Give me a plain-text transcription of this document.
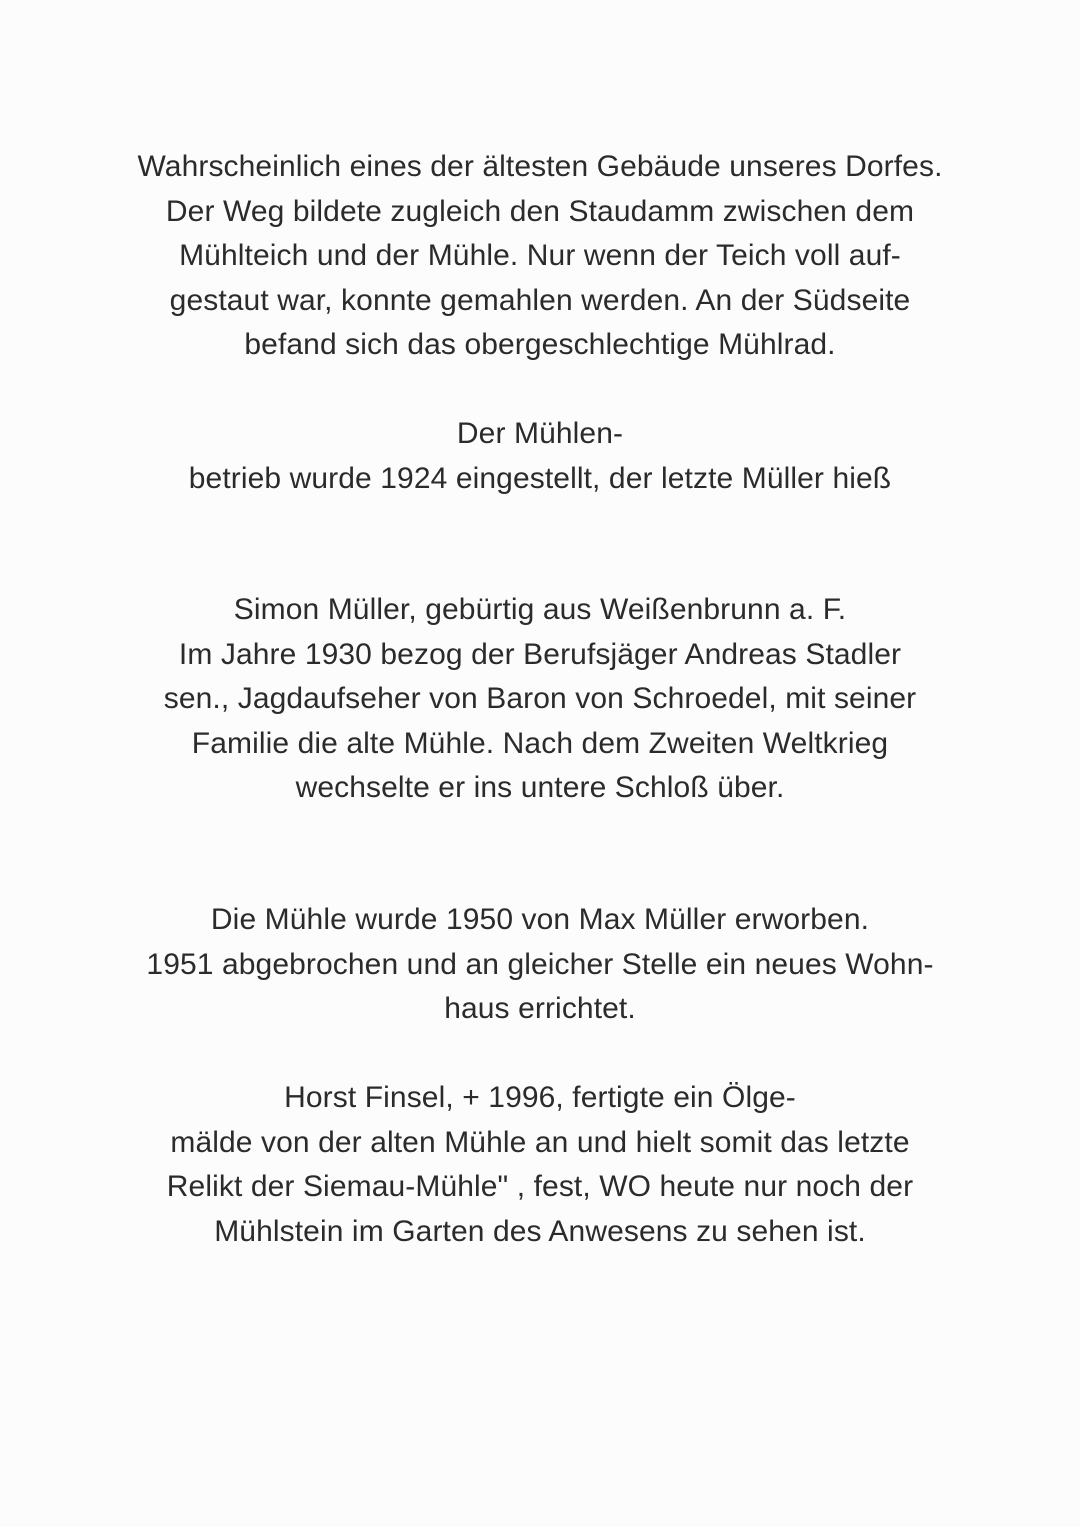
Wahrscheinlich eines der ältesten Gebäude unseres Dorfes.
Der Weg bildete zugleich den Staudamm zwischen dem
Mühlteich und der Mühle. Nur wenn der Teich voll auf-
gestaut war, konnte gemahlen werden. An der Südseite
befand sich das obergeschlechtige Mühlrad.
Der Mühlen-
betrieb wurde 1924 eingestellt, der letzte Müller hieß
Simon Müller, gebürtig aus Weißenbrunn a. F.
Im Jahre 1930 bezog der Berufsjäger Andreas Stadler
sen., Jagdaufseher von Baron von Schroedel, mit seiner
Familie die alte Mühle. Nach dem Zweiten Weltkrieg
wechselte er ins untere Schloß über.
Die Mühle wurde 1950 von Max Müller erworben.
1951 abgebrochen und an gleicher Stelle ein neues Wohn-
haus errichtet.
Horst Finsel, + 1996, fertigte ein Ölge-
mälde von der alten Mühle an und hielt somit das letzte
Relikt der Siemau-Mühle" , fest, WO heute nur noch der
Mühlstein im Garten des Anwesens zu sehen ist.
